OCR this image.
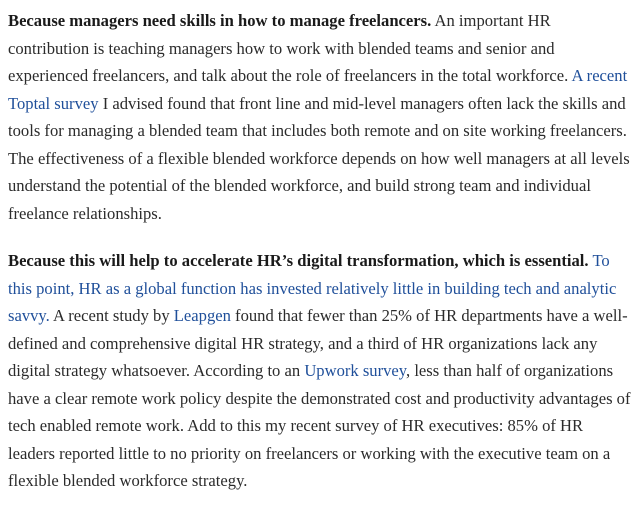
Because managers need skills in how to manage freelancers. An important HR contribution is teaching managers how to work with blended teams and senior and experienced freelancers, and talk about the role of freelancers in the total workforce. A recent Toptal survey I advised found that front line and mid-level managers often lack the skills and tools for managing a blended team that includes both remote and on site working freelancers. The effectiveness of a flexible blended workforce depends on how well managers at all levels understand the potential of the blended workforce, and build strong team and individual freelance relationships.

Because this will help to accelerate HR’s digital transformation, which is essential. To this point, HR as a global function has invested relatively little in building tech and analytic savvy. A recent study by Leapgen found that fewer than 25% of HR departments have a well-defined and comprehensive digital HR strategy, and a third of HR organizations lack any digital strategy whatsoever. According to an Upwork survey, less than half of organizations have a clear remote work policy despite the demonstrated cost and productivity advantages of tech enabled remote work. Add to this my recent survey of HR executives: 85% of HR leaders reported little to no priority on freelancers or working with the executive team on a flexible blended workforce strategy.
